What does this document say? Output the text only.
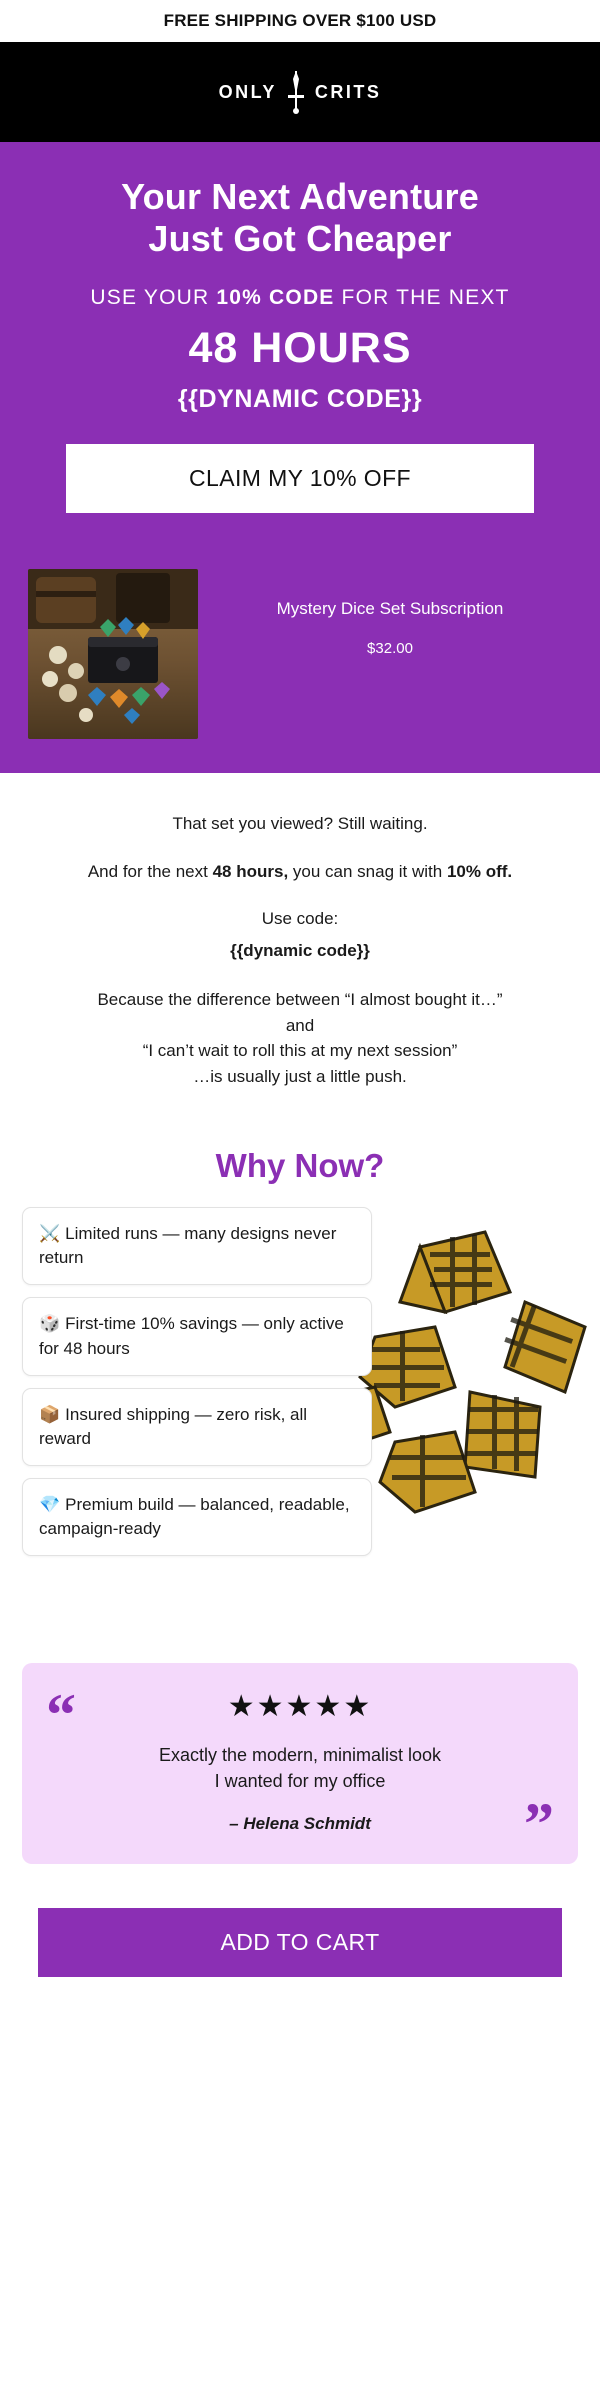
FREE SHIPPING OVER $100 USD
ONLY CRITS
Your Next Adventure
Just Got Cheaper
USE YOUR 10% CODE FOR THE NEXT
48 HOURS
{{DYNAMIC CODE}}
CLAIM MY 10% OFF
Mystery Dice Set Subscription
$32.00

That set you viewed? Still waiting.

And for the next 48 hours, you can snag it with 10% off.

Use code:

{{dynamic code}}

Because the difference between “I almost bought it…”
and
“I can’t wait to roll this at my next session”
…is usually just a little push.

Why Now?
⚔️ Limited runs — many designs never return
🎲 First-time 10% savings — only active for 48 hours
📦 Insured shipping — zero risk, all reward
💎 Premium build — balanced, readable, campaign-ready
“
”
★★★★★
Exactly the modern, minimalist look
I wanted for my office
– Helena Schmidt
ADD TO CART
